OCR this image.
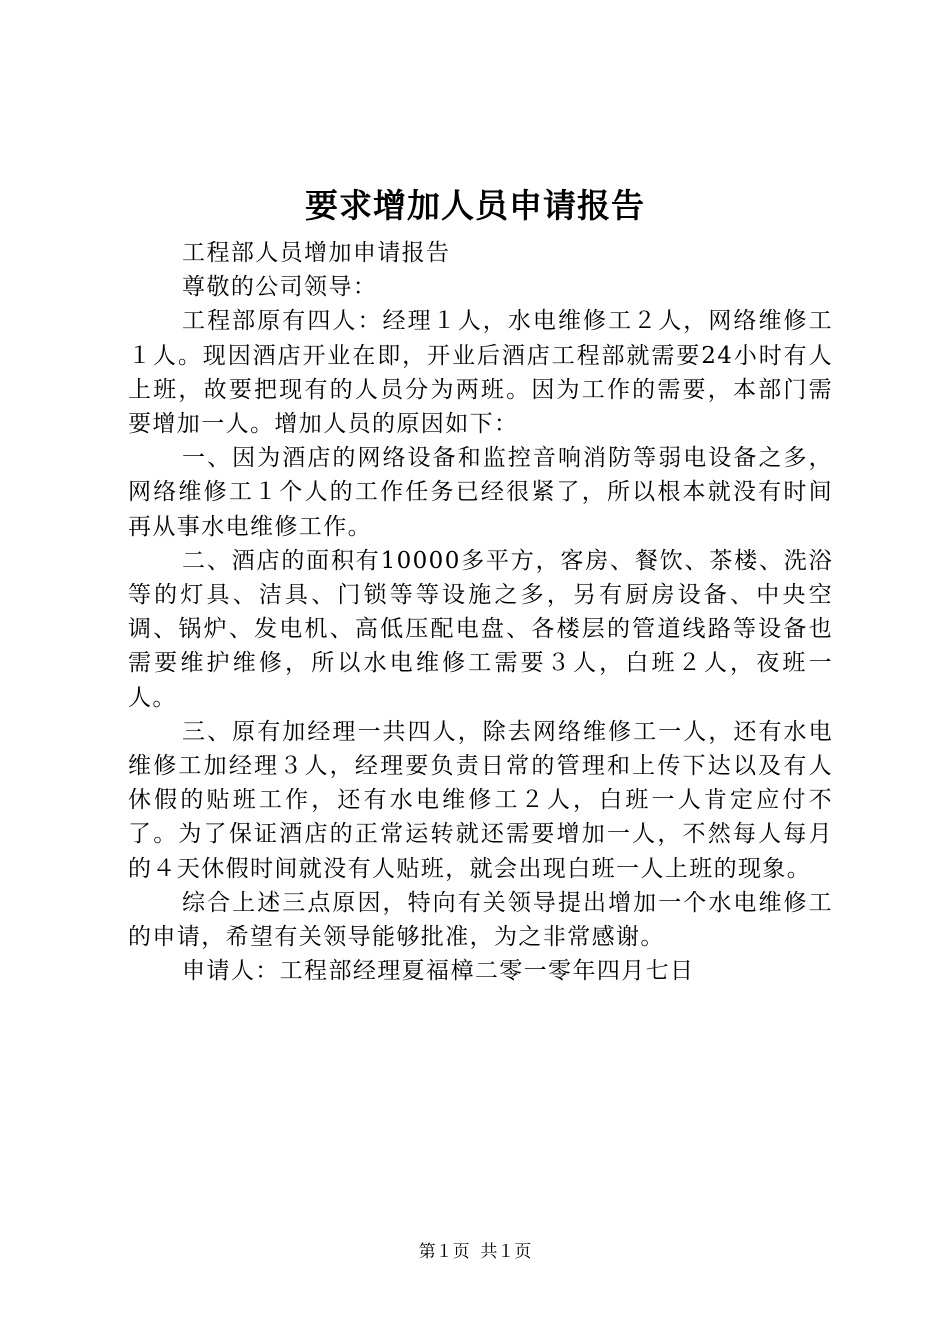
要求增加人员申请报告

工程部人员增加申请报告

尊敬的公司领导：

工程部原有四人：经理１人，水电维修工２人，网络维修工１人。现因酒店开业在即，开业后酒店工程部就需要24小时有人上班，故要把现有的人员分为两班。因为工作的需要，本部门需要增加一人。增加人员的原因如下：

一、因为酒店的网络设备和监控音响消防等弱电设备之多，网络维修工１个人的工作任务已经很紧了，所以根本就没有时间再从事水电维修工作。

二、酒店的面积有10000多平方，客房、餐饮、茶楼、洗浴等的灯具、洁具、门锁等等设施之多，另有厨房设备、中央空调、锅炉、发电机、高低压配电盘、各楼层的管道线路等设备也需要维护维修，所以水电维修工需要３人，白班２人，夜班一人。

三、原有加经理一共四人，除去网络维修工一人，还有水电维修工加经理３人，经理要负责日常的管理和上传下达以及有人休假的贴班工作，还有水电维修工２人，白班一人肯定应付不了。为了保证酒店的正常运转就还需要增加一人，不然每人每月的４天休假时间就没有人贴班，就会出现白班一人上班的现象。

综合上述三点原因，特向有关领导提出增加一个水电维修工的申请，希望有关领导能够批准，为之非常感谢。

申请人：工程部经理夏福樟二零一零年四月七日

第１页  共１页
